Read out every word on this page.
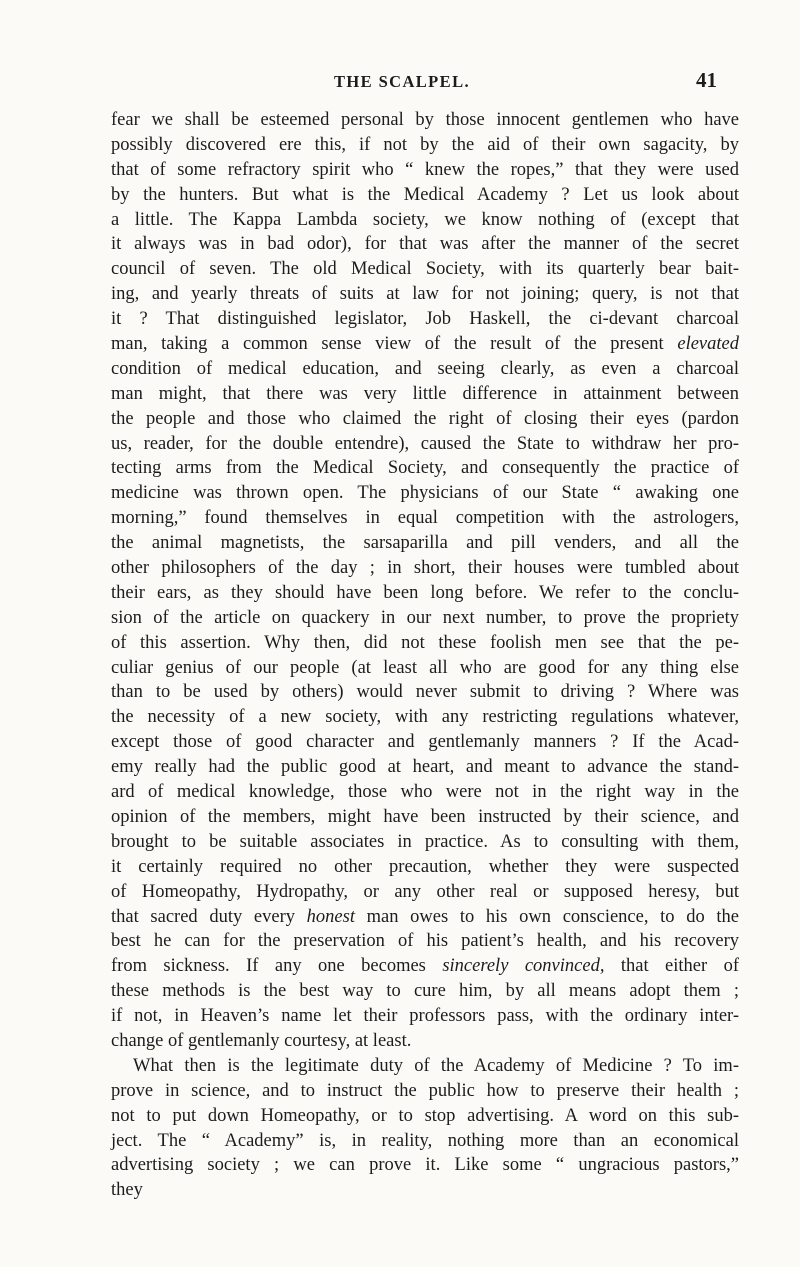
THE SCALPEL.	41
fear we shall be esteemed personal by those innocent gentlemen who have
possibly discovered ere this, if not by the aid of their own sagacity, by
that of some refractory spirit who “ knew the ropes,” that they were used
by the hunters. But what is the Medical Academy ? Let us look about
a little. The Kappa Lambda society, we know nothing of (except that
it always was in bad odor), for that was after the manner of the secret
council of seven. The old Medical Society, with its quarterly bear bait-
ing, and yearly threats of suits at law for not joining; query, is not that
it ? That distinguished legislator, Job Haskell, the ci-devant charcoal
man, taking a common sense view of the result of the present elevated
condition of medical education, and seeing clearly, as even a charcoal
man might, that there was very little difference in attainment between
the people and those who claimed the right of closing their eyes (pardon
us, reader, for the double entendre), caused the State to withdraw her pro-
tecting arms from the Medical Society, and consequently the practice of
medicine was thrown open. The physicians of our State “ awaking one
morning,” found themselves in equal competition with the astrologers,
the animal magnetists, the sarsaparilla and pill venders, and all the
other philosophers of the day ; in short, their houses were tumbled about
their ears, as they should have been long before. We refer to the conclu-
sion of the article on quackery in our next number, to prove the propriety
of this assertion. Why then, did not these foolish men see that the pe-
culiar genius of our people (at least all who are good for any thing else
than to be used by others) would never submit to driving ? Where was
the necessity of a new society, with any restricting regulations whatever,
except those of good character and gentlemanly manners ? If the Acad-
emy really had the public good at heart, and meant to advance the stand-
ard of medical knowledge, those who were not in the right way in the
opinion of the members, might have been instructed by their science, and
brought to be suitable associates in practice. As to consulting with them,
it certainly required no other precaution, whether they were suspected
of Homeopathy, Hydropathy, or any other real or supposed heresy, but
that sacred duty every honest man owes to his own conscience, to do the
best he can for the preservation of his patient’s health, and his recovery
from sickness. If any one becomes sincerely convinced, that either of
these methods is the best way to cure him, by all means adopt them ;
if not, in Heaven’s name let their professors pass, with the ordinary inter-
change of gentlemanly courtesy, at least.
What then is the legitimate duty of the Academy of Medicine ? To im-
prove in science, and to instruct the public how to preserve their health ;
not to put down Homeopathy, or to stop advertising. A word on this sub-
ject. The “ Academy” is, in reality, nothing more than an economical
advertising society ; we can prove it. Like some “ ungracious pastors,”
they
